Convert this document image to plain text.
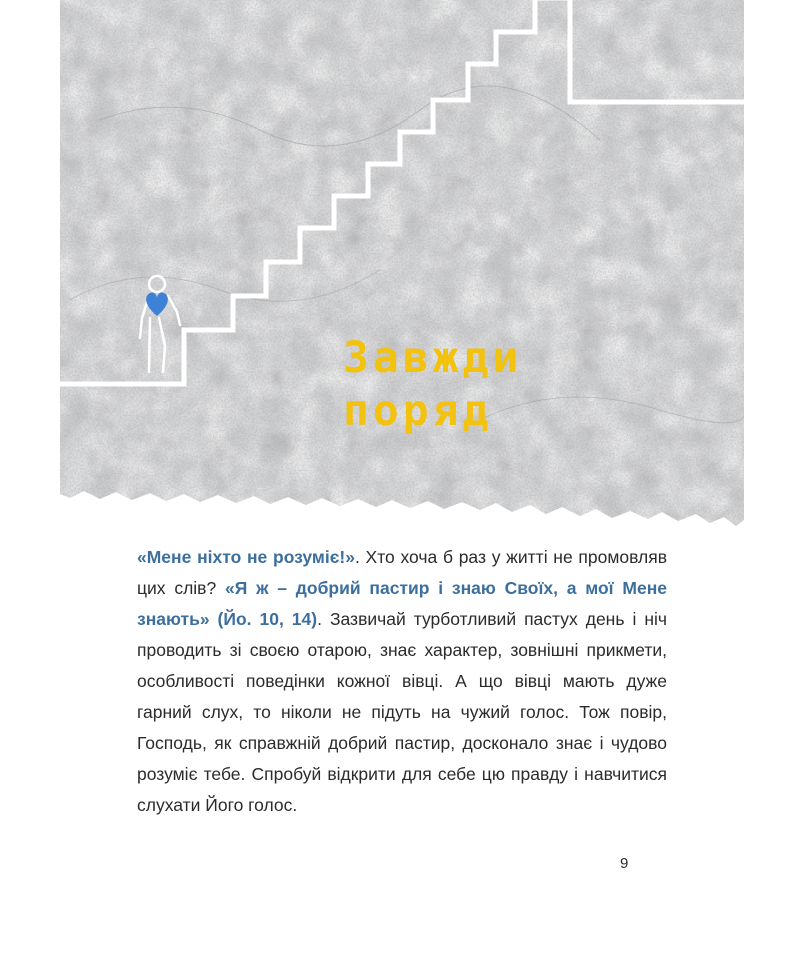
Завжди
поряд

«Мене ніхто не розуміє!». Хто хоча б раз у житті не промовляв цих слів? «Я ж – добрий пастир і знаю Своїх, а мої Мене знають» (Йо. 10, 14). Зазвичай турботливий пастух день і ніч проводить зі своєю отарою, знає характер, зовнішні прикмети, особливості поведінки кожної вівці. А що вівці мають дуже гарний слух, то ніколи не підуть на чужий голос. Тож повір, Господь, як справжній добрий пастир, досконало знає і чудово розуміє тебе. Спробуй відкрити для себе цю правду і навчитися слухати Його голос.

9
